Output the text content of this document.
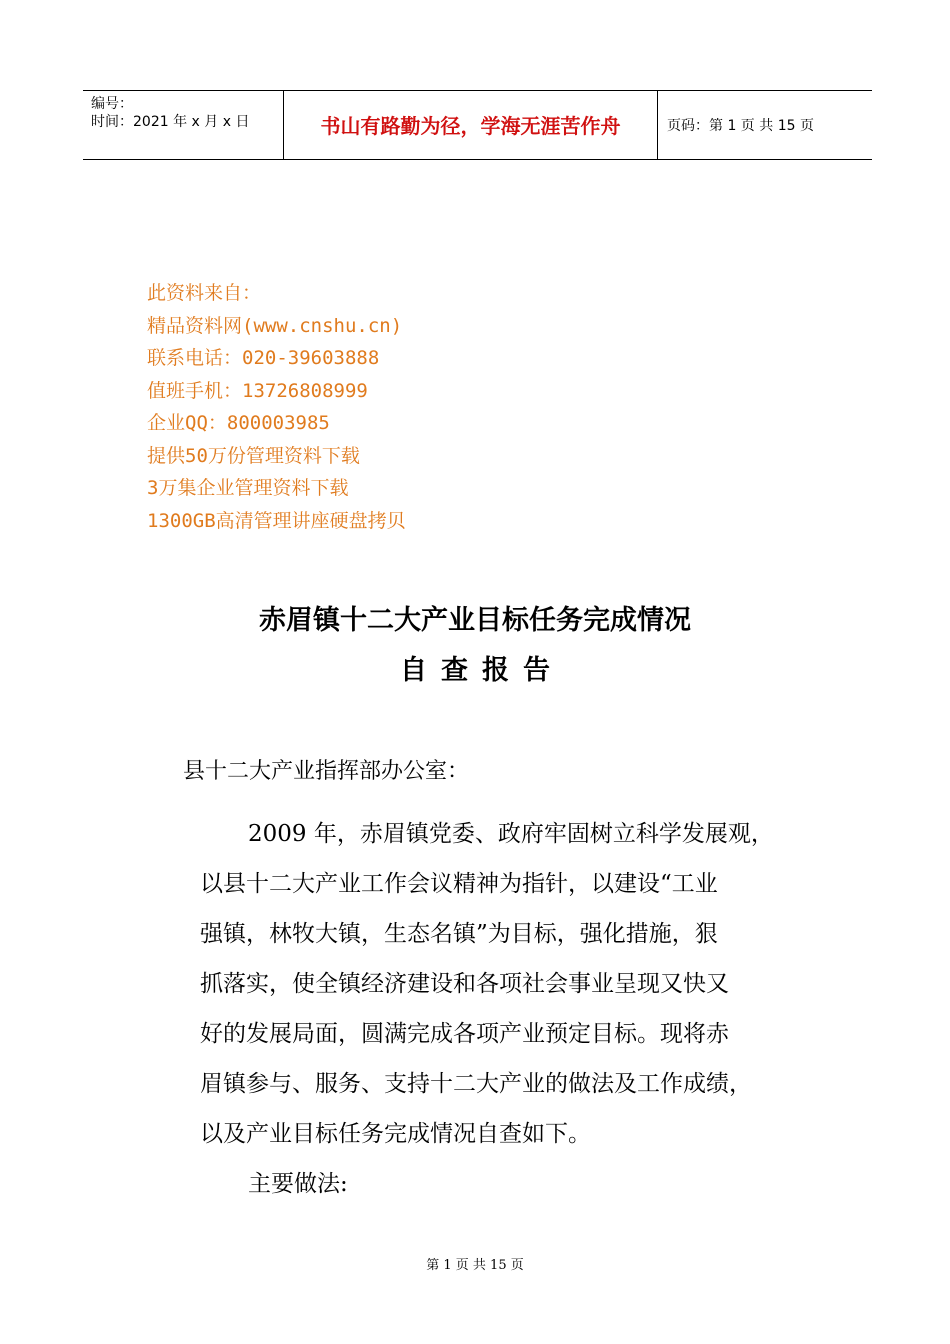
编号：
时间：2021 年 x 月 x 日	书山有路勤为径，学海无涯苦作舟	页码：第 1 页 共 15 页
此资料来自：
精品资料网(www.cnshu.cn)
联系电话：020-39603888
值班手机：13726808999
企业QQ：800003985
提供50万份管理资料下载
3万集企业管理资料下载
1300GB高清管理讲座硬盘拷贝
赤眉镇十二大产业目标任务完成情况
自查报告
县十二大产业指挥部办公室：
2009 年，赤眉镇党委、政府牢固树立科学发展观，
以县十二大产业工作会议精神为指针，以建设“工业
强镇，林牧大镇，生态名镇”为目标，强化措施，狠
抓落实，使全镇经济建设和各项社会事业呈现又快又
好的发展局面，圆满完成各项产业预定目标。现将赤
眉镇参与、服务、支持十二大产业的做法及工作成绩，
以及产业目标任务完成情况自查如下。
主要做法:
第 1 页 共 15 页
